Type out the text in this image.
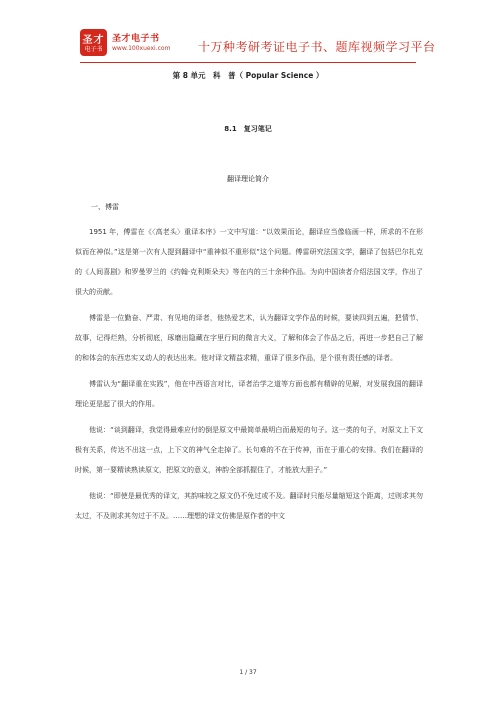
圣才
电子书
圣才电子书
www.100xuexi.com 十万种考研考证电子书、题库视频学习平台
第 8 单元　科　普（ Popular Science ）
8.1　复习笔记
翻译理论简介
一、傅雷

1951 年，傅雷在《〈高老头〉重译本序》一文中写道：“以效果而论，翻译应当像临画一样，所求的不在形似而在神似。”这是第一次有人提到翻译中“重神似不重形似”这个问题。傅雷研究法国文学，翻译了包括巴尔扎克的《人间喜剧》和罗曼罗兰的《约翰·克利斯朵夫》等在内的三十余种作品。为向中国读者介绍法国文学，作出了很大的贡献。

傅雷是一位勤奋、严肃、有见地的译者，他热爱艺术，认为翻译文学作品的时候，要读四到五遍，把情节、故事，记得烂熟，分析彻底，琢磨出隐藏在字里行间的微言大义，了解和体会了作品之后，再进一步把自己了解的和体会的东西忠实又动人的表达出来。他对译文精益求精，重译了很多作品，是个很有责任感的译者。

傅雷认为“翻译重在实践”，他在中西语言对比，译者治学之道等方面也都有精辟的见解，对发展我国的翻译理论更是起了很大的作用。

他说：“谈到翻译，我觉得最难应付的倒是原文中最简单最明白而最短的句子。这一类的句子，对原文上下文极有关系，传达不出这一点，上下文的神气全走掉了。长句难的不在于传神，而在于重心的安排。我们在翻译的时候，第一要精读熟读原文，把原文的意义，神韵全部抓握住了，才能放大胆子。”

他说：“即使是最优秀的译文，其韵味较之原文仍不免过或不及。翻译时只能尽量缩短这个距离，过则求其勿太过，不及则求其勿过于不及。……理想的译文仿佛是原作者的中文

1 / 37
